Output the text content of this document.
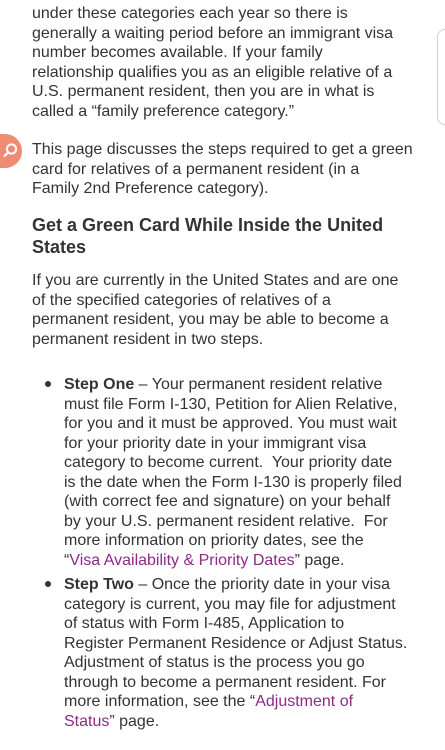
under these categories each year so there is
generally a waiting period before an immigrant visa
number becomes available. If your family
relationship qualifies you as an eligible relative of a
U.S. permanent resident, then you are in what is
called a “family preference category.”
This page discusses the steps required to get a green
card for relatives of a permanent resident (in a
Family 2nd Preference category).
Get a Green Card While Inside the United
States
If you are currently in the United States and are one
of the specified categories of relatives of a
permanent resident, you may be able to become a
permanent resident in two steps.
Step One – Your permanent resident relative
must file Form I-130, Petition for Alien Relative,
for you and it must be approved. You must wait
for your priority date in your immigrant visa
category to become current.  Your priority date
is the date when the Form I-130 is properly filed
(with correct fee and signature) on your behalf
by your U.S. permanent resident relative.  For
more information on priority dates, see the
“Visa Availability & Priority Dates” page.
Step Two – Once the priority date in your visa
category is current, you may file for adjustment
of status with Form I-485, Application to
Register Permanent Residence or Adjust Status.
Adjustment of status is the process you go
through to become a permanent resident. For
more information, see the “Adjustment of
Status” page.
